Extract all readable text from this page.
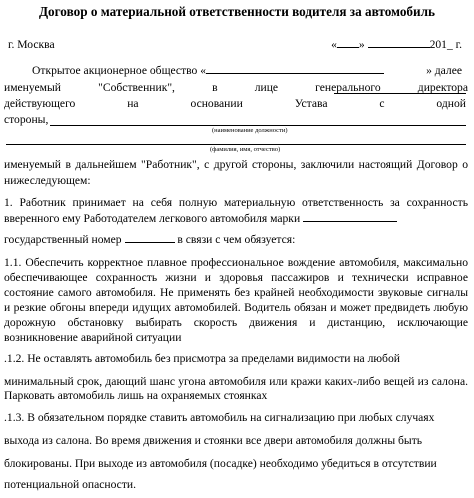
Договор о материальной ответственности водителя за автомобиль
г. Москва	« »	201_ г.
Открытое акционерное общество «	» далее
именуемый "Собственник", в лице генерального директора
действующего на основании Устава с одной
стороны,
(наименование должности)
(фамилия, имя, отчество)
именуемый в дальнейшем "Работник", с другой стороны, заключили настоящий Договор о
нижеследующем:
1. Работник принимает на себя полную материальную ответственность за сохранность
вверенного ему Работодателем легкового автомобиля марки
государственный номер	в связи с чем обязуется:
1.1. Обеспечить корректное плавное профессиональное вождение автомобиля, максимально
обеспечивающее сохранность жизни и здоровья пассажиров и технически исправное
состояние самого автомобиля. Не применять без крайней необходимости звуковые сигналы
и резкие обгоны впереди идущих автомобилей. Водитель обязан и может предвидеть любую
дорожную обстановку выбирать скорость движения и дистанцию, исключающие
возникновение аварийной ситуации
.1.2. Не оставлять автомобиль без присмотра за пределами видимости на любой
минимальный срок, дающий шанс угона автомобиля или кражи каких-либо вещей из салона.
Парковать автомобиль лишь на охраняемых стоянках
.1.3. В обязательном порядке ставить автомобиль на сигнализацию при любых случаях
выхода из салона. Во время движения и стоянки все двери автомобиля должны быть
блокированы. При выходе из автомобиля (посадке) необходимо убедиться в отсутствии
потенциальной опасности.
